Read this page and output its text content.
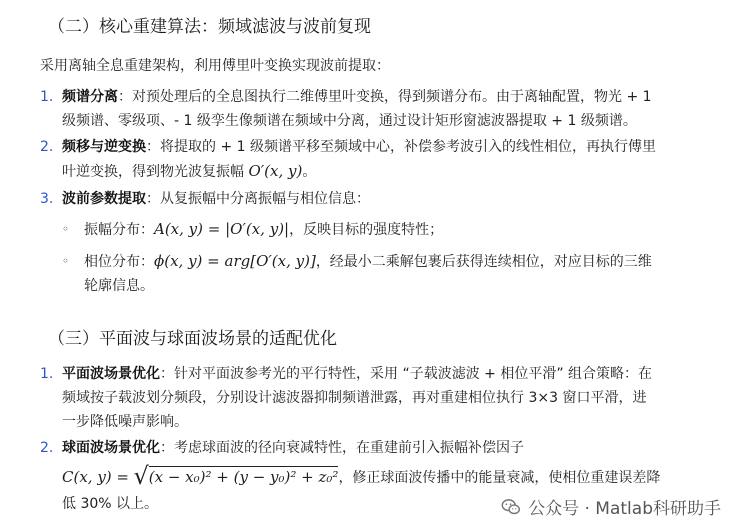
（二）核心重建算法：频域滤波与波前复现
采用离轴全息重建架构，利用傅里叶变换实现波前提取：
1. 频谱分离：对预处理后的全息图执行二维傅里叶变换，得到频谱分布。由于离轴配置，物光 + 1
级频谱、零级项、- 1 级孪生像频谱在频域中分离，通过设计矩形窗滤波器提取 + 1 级频谱。
2. 频移与逆变换：将提取的 + 1 级频谱平移至频域中心，补偿参考波引入的线性相位，再执行傅里
叶逆变换，得到物光波复振幅 O′(x, y)。
3. 波前参数提取：从复振幅中分离振幅与相位信息：
◦ 振幅分布：A(x, y) = |O′(x, y)|，反映目标的强度特性；
◦ 相位分布：ϕ(x, y) = arg[O′(x, y)]，经最小二乘解包裹后获得连续相位，对应目标的三维
轮廓信息。
（三）平面波与球面波场景的适配优化
1. 平面波场景优化：针对平面波参考光的平行特性，采用 “子载波滤波 + 相位平滑” 组合策略：在
频域按子载波划分频段，分别设计滤波器抑制频谱泄露，再对重建相位执行 3×3 窗口平滑，进
一步降低噪声影响。
2. 球面波场景优化：考虑球面波的径向衰减特性，在重建前引入振幅补偿因子
C(x, y) = √(x − x₀)² + (y − y₀)² + z₀²，修正球面波传播中的能量衰减，使相位重建误差降
低 30% 以上。	公众号 · Matlab科研助手
